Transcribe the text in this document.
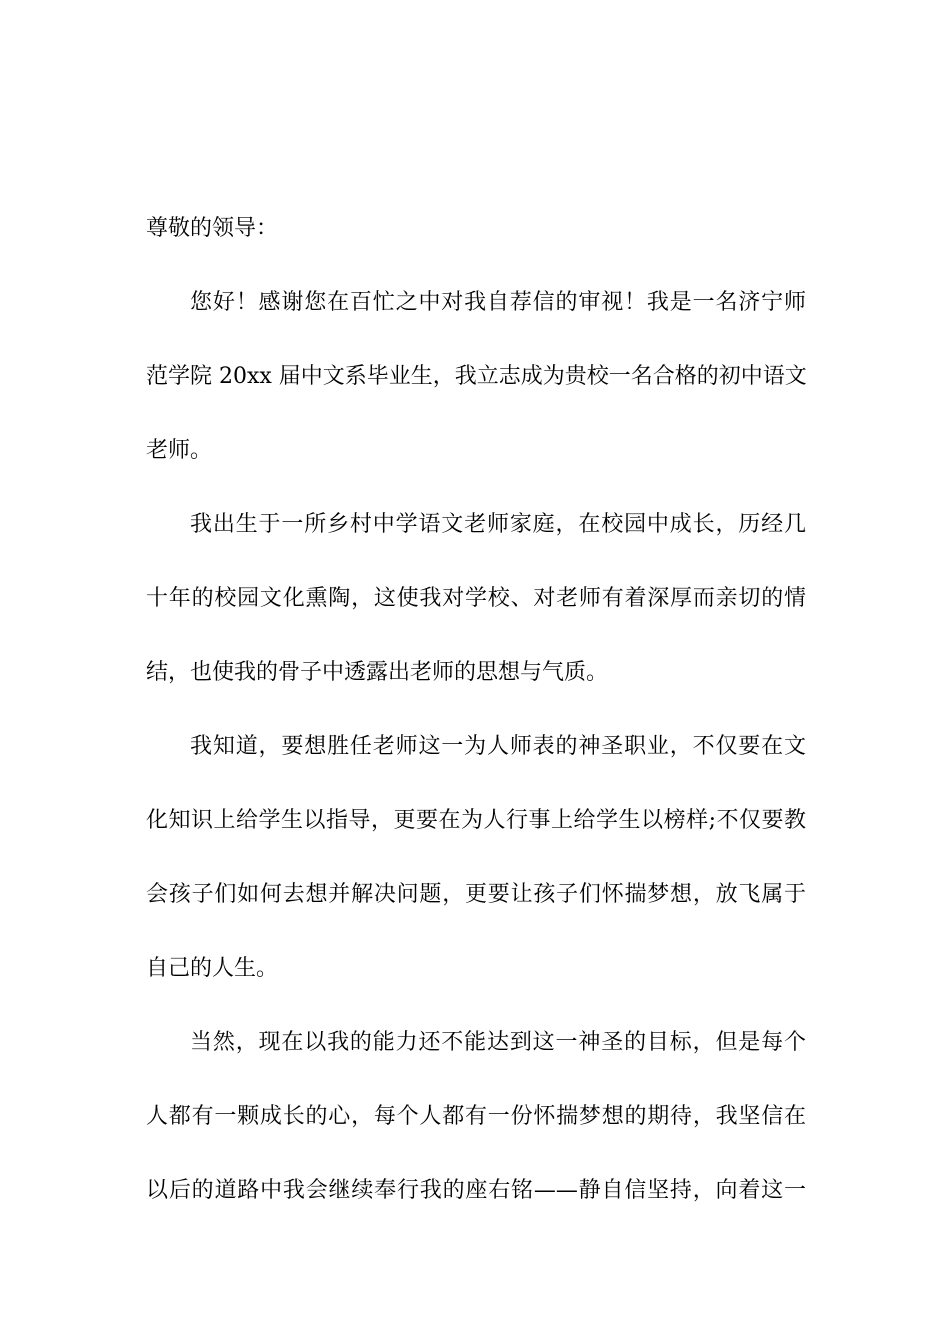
尊敬的领导：
您好！感谢您在百忙之中对我自荐信的审视！我是一名济宁师
范学院 20xx 届中文系毕业生，我立志成为贵校一名合格的初中语文
老师。
我出生于一所乡村中学语文老师家庭，在校园中成长，历经几
十年的校园文化熏陶，这使我对学校、对老师有着深厚而亲切的情
结，也使我的骨子中透露出老师的思想与气质。
我知道，要想胜任老师这一为人师表的神圣职业，不仅要在文
化知识上给学生以指导，更要在为人行事上给学生以榜样;不仅要教
会孩子们如何去想并解决问题，更要让孩子们怀揣梦想，放飞属于
自己的人生。
当然，现在以我的能力还不能达到这一神圣的目标，但是每个
人都有一颗成长的心，每个人都有一份怀揣梦想的期待，我坚信在
以后的道路中我会继续奉行我的座右铭——静自信坚持，向着这一
